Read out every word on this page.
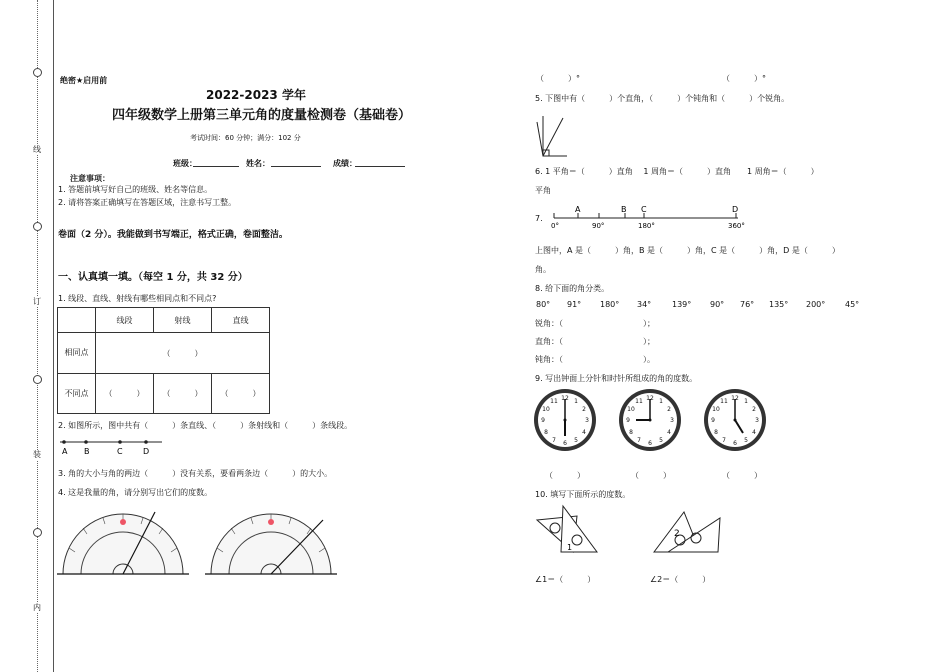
线
订
装
内
绝密★启用前
2022-2023 学年
四年级数学上册第三单元角的度量检测卷（基础卷）
考试时间：60 分钟；满分：102 分
班级：	姓名：	成绩：
注意事项：
1. 答题前填写好自己的班级、姓名等信息。
2. 请将答案正确填写在答题区域，注意书写工整。
卷面（2 分）。我能做到书写端正，格式正确，卷面整洁。
一、认真填一填。（每空 1 分，共 32 分）
1. 线段、直线、射线有哪些相同点和不同点?
	线段	射线	直线
相同点	（　　　）		
不同点	（　　　）	（　　　）	（　　　）
2. 如图所示，图中共有（　　　）条直线、（　　　）条射线和（　　　）条线段。
A B	C	D
3. 角的大小与角的两边（　　　）没有关系，要看两条边（　　　）的大小。
4. 这是我量的角，请分别写出它们的度数。
（　　　）°	（　　　）°
5. 下图中有（　　　）个直角，（　　　）个钝角和（　　　）个锐角。
6. 1 平角＝（　　　）直角　 1 周角＝（　　　）直角　　1 周角＝（　　　）
平角
7.
A	B C	D
0°	90°	180°	360°
上图中，A 是（　　　）角，B 是（　　　）角，C 是（　　　）角，D 是（　　　）
角。
8. 给下面的角分类。
80° 91° 180° 34°	139° 90° 76° 135° 200° 45°
锐角：（　　　　　　　　　　）；
直角：（　　　　　　　　　　）；
钝角：（　　　　　　　　　　）。
9. 写出钟面上分针和时针所组成的角的度数。
12
3
6
9
1
2
4
5
7
8
10
11	12
3
6
9
1
2
4
5
7
8
10
11	12
3
6
9
1
2
4
5
7
8
10
11
（　　　）	（　　　）	（　　　）
10. 填写下面所示的度数。
1
2
∠1＝（　　　）	∠2＝（　　　）
